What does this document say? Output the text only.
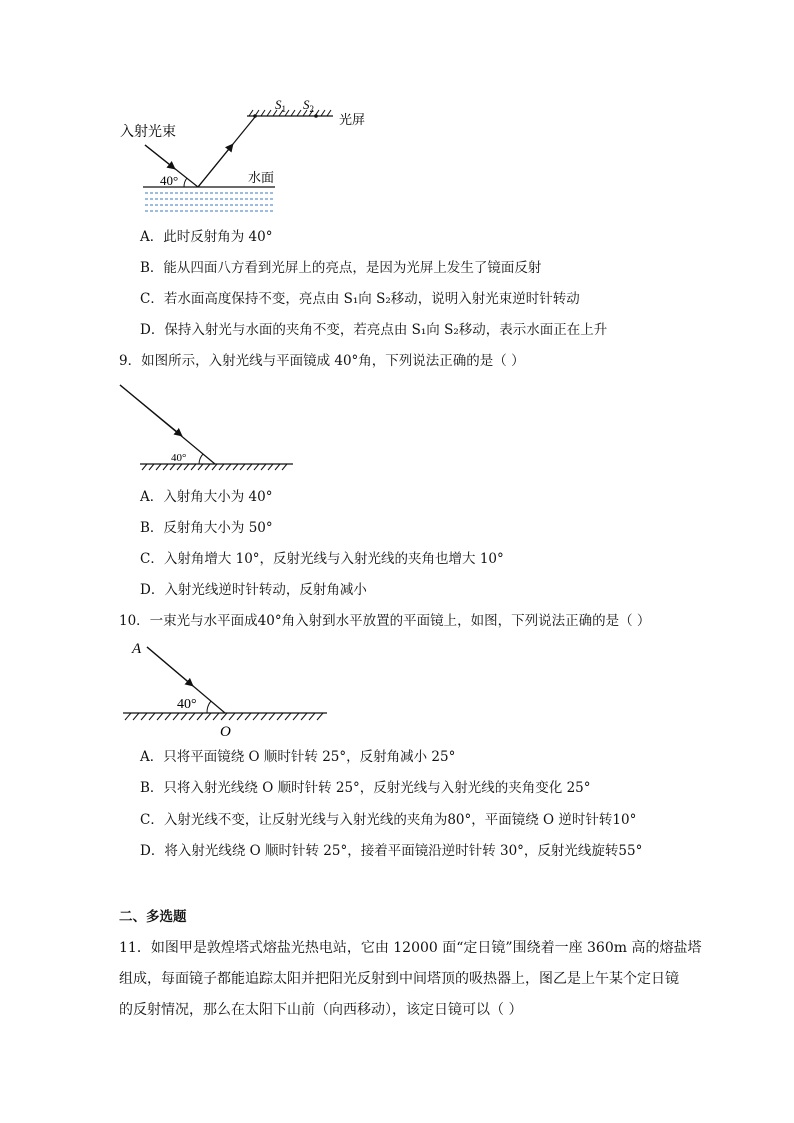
入射光束
40°	水面
$S_1$ $S_2$
光屏
A．此时反射角为 40°
B．能从四面八方看到光屏上的亮点，是因为光屏上发生了镜面反射
C．若水面高度保持不变，亮点由 S₁向 S₂移动，说明入射光束逆时针转动
D．保持入射光与水面的夹角不变，若亮点由 S₁向 S₂移动，表示水面正在上升
9．如图所示，入射光线与平面镜成 40°角，下列说法正确的是（ ）
40°
A．入射角大小为 40°
B．反射角大小为 50°
C．入射角增大 10°，反射光线与入射光线的夹角也增大 10°
D．入射光线逆时针转动，反射角减小
10．一束光与水平面成40°角入射到水平放置的平面镜上，如图，下列说法正确的是（ ）
A
40°
O
A．只将平面镜绕 O 顺时针转 25°，反射角减小 25°
B．只将入射光线绕 O 顺时针转 25°，反射光线与入射光线的夹角变化 25°
C．入射光线不变，让反射光线与入射光线的夹角为80°，平面镜绕 O 逆时针转10°
D．将入射光线绕 O 顺时针转 25°，接着平面镜沿逆时针转 30°，反射光线旋转55°
二、多选题
11．如图甲是敦煌塔式熔盐光热电站，它由 12000 面“定日镜”围绕着一座 360m 高的熔盐塔
组成，每面镜子都能追踪太阳并把阳光反射到中间塔顶的吸热器上，图乙是上午某个定日镜
的反射情况，那么在太阳下山前（向西移动），该定日镜可以（ ）
